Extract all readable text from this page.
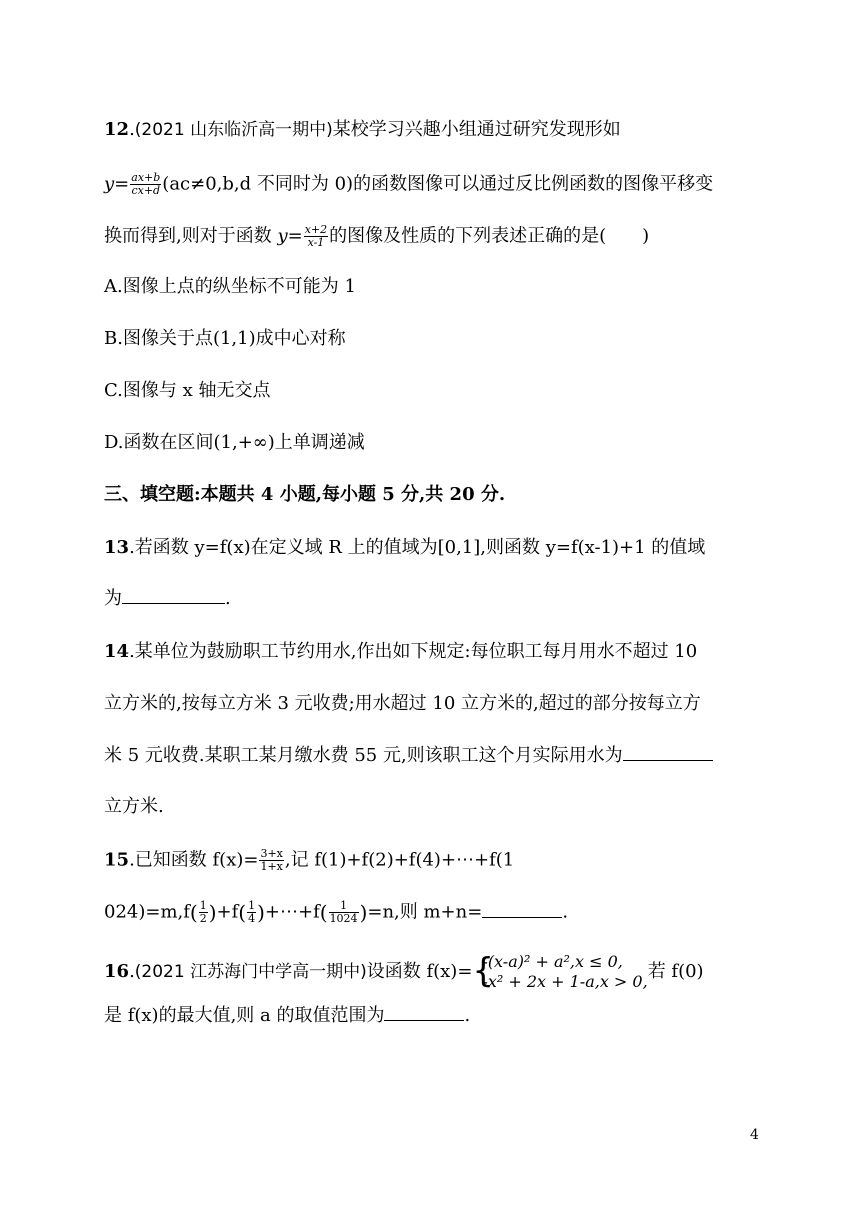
12.(2021 山东临沂高一期中)某校学习兴趣小组通过研究发现形如
$y= \frac{ax+b}{cx+d} (ac\ne 0,b,d$ 不同时为 0)的函数图像可以通过反比例函数的图像平移变
换而得到,则对于函数 $y= \frac{x+2}{x-1}$ 的图像及性质的下列表述正确的是(　　)
A.图像上点的纵坐标不可能为 1
B.图像关于点(1,1)成中心对称
C.图像与 x 轴无交点
D.函数在区间(1,+∞)上单调递减
三、填空题:本题共 4 小题,每小题 5 分,共 20 分.
13.若函数 y=f(x)在定义域 R 上的值域为[0,1],则函数 y=f(x-1)+1 的值域
为	.
14.某单位为鼓励职工节约用水,作出如下规定:每位职工每月用水不超过 10
立方米的,按每立方米 3 元收费;用水超过 10 立方米的,超过的部分按每立方
米 5 元收费.某职工某月缴水费 55 元,则该职工这个月实际用水为
立方米.
15.已知函数 $f(x)= \frac{3+x}{1+x}$ ,记 f(1)+f(2)+f(4)+⋯+f(1
$024)=m,f( \frac{1}{2} )+f( \frac{1}{4}$ )+⋯+f( $\frac{1}{1024} )=n$,则 m+n=	.
16.(2021 江苏海门中学高一期中)设函数 f(x)= {
-(x-a)² + a²,x ≤ 0,
-x² + 2x + 1-a,x > 0, 若 f(0)
是 f(x)的最大值,则 a 的取值范围为	.
4
